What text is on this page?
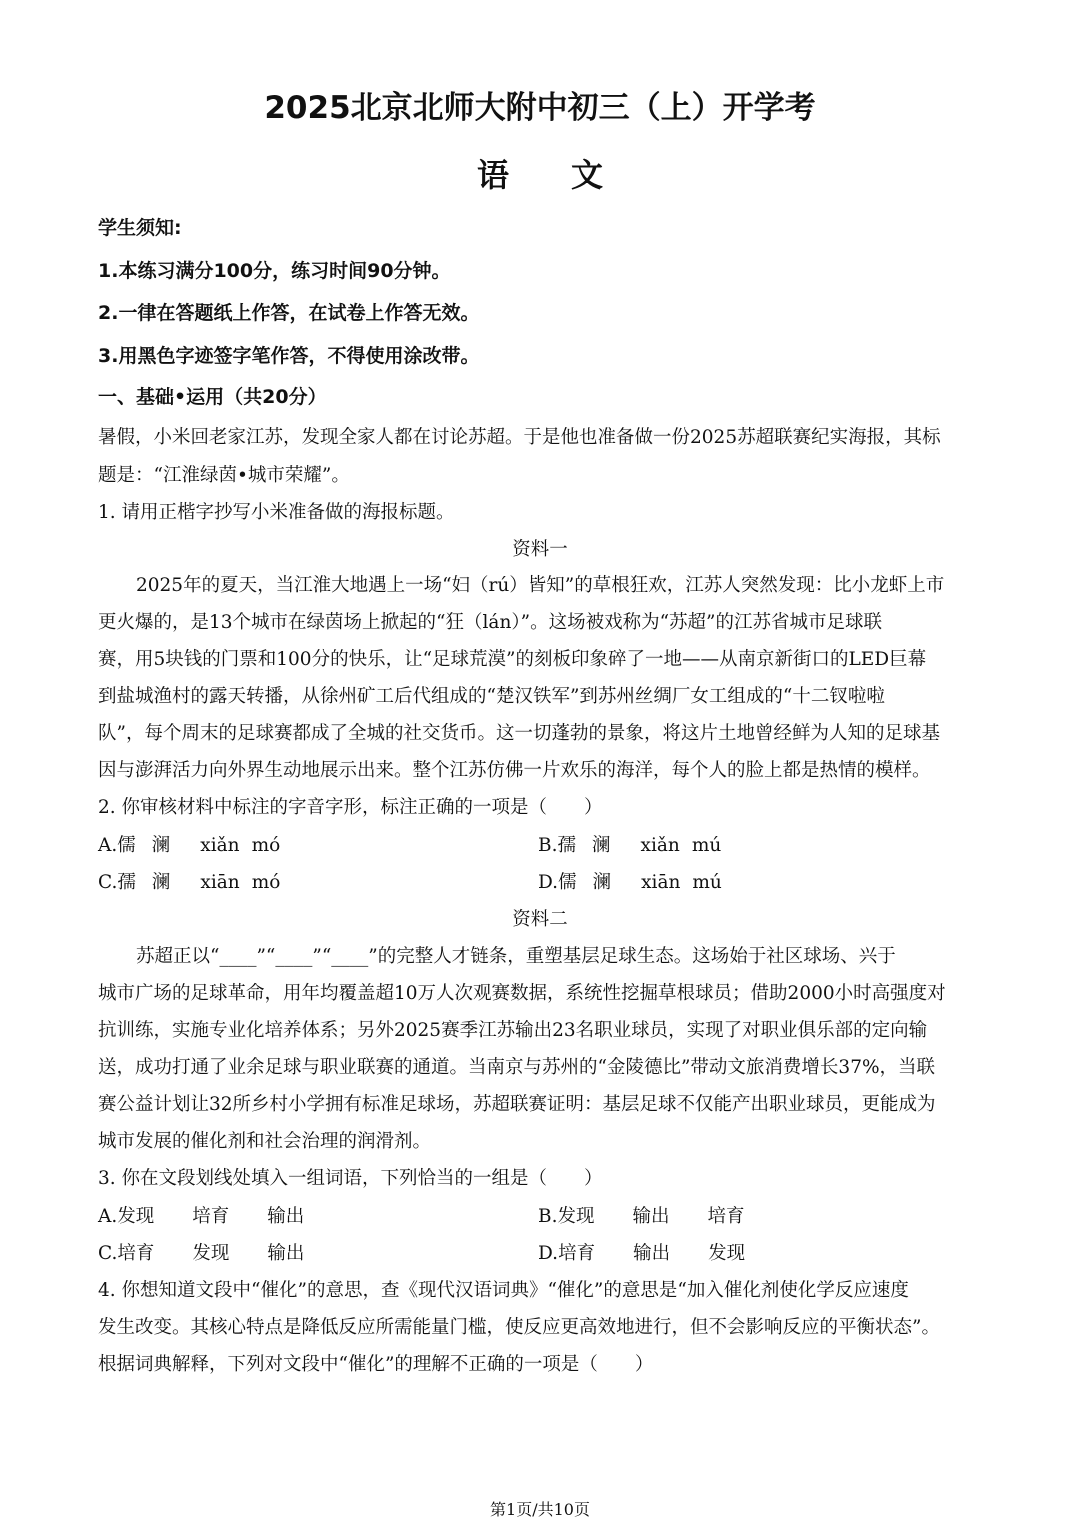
2025北京北师大附中初三（上）开学考
语 文
学生须知:
1.本练习满分100分，练习时间90分钟。
2.一律在答题纸上作答，在试卷上作答无效。
3.用黑色字迹签字笔作答，不得使用涂改带。
一、基础•运用（共20分）
暑假，小米回老家江苏，发现全家人都在讨论苏超。于是他也准备做一份2025苏超联赛纪实海报，其标
题是：“江淮绿茵•城市荣耀”。
1. 请用正楷字抄写小米准备做的海报标题。
资料一
2025年的夏天，当江淮大地遇上一场“妇（rú）皆知”的草根狂欢，江苏人突然发现：比小龙虾上市
更火爆的，是13个城市在绿茵场上掀起的“狂（lán）”。这场被戏称为“苏超”的江苏省城市足球联
赛，用5块钱的门票和100分的快乐，让“足球荒漠”的刻板印象碎了一地——从南京新街口的LED巨幕
到盐城渔村的露天转播，从徐州矿工后代组成的“楚汉铁军”到苏州丝绸厂女工组成的“十二钗啦啦
队”，每个周末的足球赛都成了全城的社交货币。这一切蓬勃的景象，将这片土地曾经鲜为人知的足球基
因与澎湃活力向外界生动地展示出来。整个江苏仿佛一片欢乐的海洋，每个人的脸上都是热情的模样。
2. 你审核材料中标注的字音字形，标注正确的一项是（　　）
A.儒 澜 xiǎn mó	B.孺 澜 xiǎn mú
C.孺 澜 xiān mó	D.儒 澜 xiān mú
资料二
苏超正以“____”“____”“____”的完整人才链条，重塑基层足球生态。这场始于社区球场、兴于
城市广场的足球革命，用年均覆盖超10万人次观赛数据，系统性挖掘草根球员；借助2000小时高强度对
抗训练，实施专业化培养体系；另外2025赛季江苏输出23名职业球员，实现了对职业俱乐部的定向输
送，成功打通了业余足球与职业联赛的通道。当南京与苏州的“金陵德比”带动文旅消费增长37%，当联
赛公益计划让32所乡村小学拥有标准足球场，苏超联赛证明：基层足球不仅能产出职业球员，更能成为
城市发展的催化剂和社会治理的润滑剂。
3. 你在文段划线处填入一组词语，下列恰当的一组是（　　）
A.发现 培育 输出	B.发现 输出 培育
C.培育 发现 输出	D.培育 输出 发现
4. 你想知道文段中“催化”的意思，查《现代汉语词典》“催化”的意思是“加入催化剂使化学反应速度
发生改变。其核心特点是降低反应所需能量门槛，使反应更高效地进行，但不会影响反应的平衡状态”。
根据词典解释，下列对文段中“催化”的理解不正确的一项是（　　）
第1页/共10页
